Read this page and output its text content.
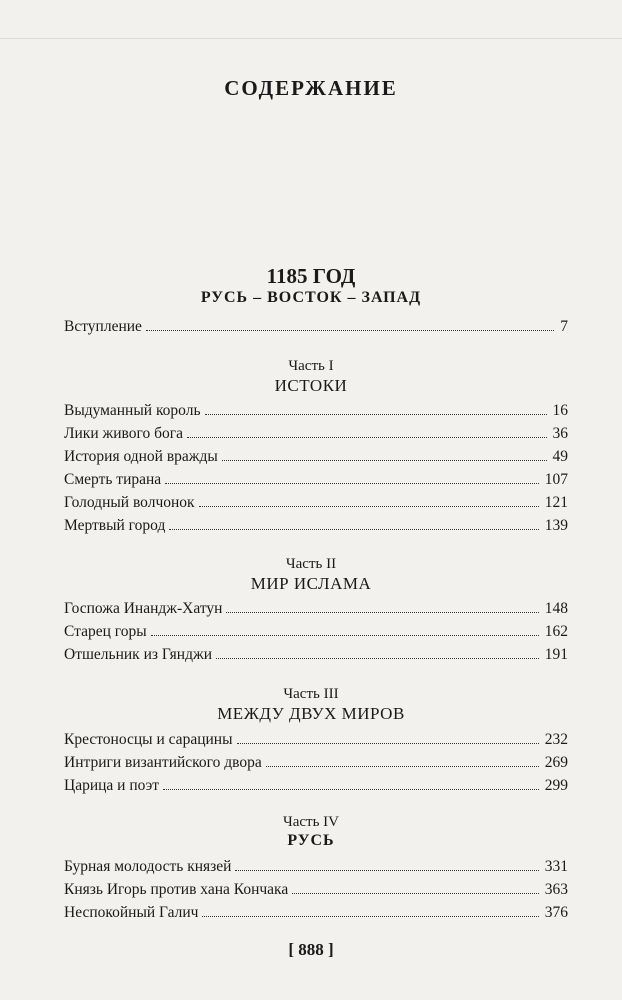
СОДЕРЖАНИЕ
1185 ГОД
РУСЬ – ВОСТОК – ЗАПАД
Вступление	7
Часть I
ИСТОКИ
Выдуманный король	16
Лики живого бога	36
История одной вражды	49
Смерть тирана	107
Голодный волчонок	121
Мертвый город	139
Часть II
МИР ИСЛАМА
Госпожа Инандж-Хатун	148
Старец горы	162
Отшельник из Гянджи	191
Часть III
МЕЖДУ ДВУХ МИРОВ
Крестоносцы и сарацины	232
Интриги византийского двора	269
Царица и поэт	299
Часть IV
РУСЬ
Бурная молодость князей	331
Князь Игорь против хана Кончака	363
Неспокойный Галич	376
[ 888 ]
